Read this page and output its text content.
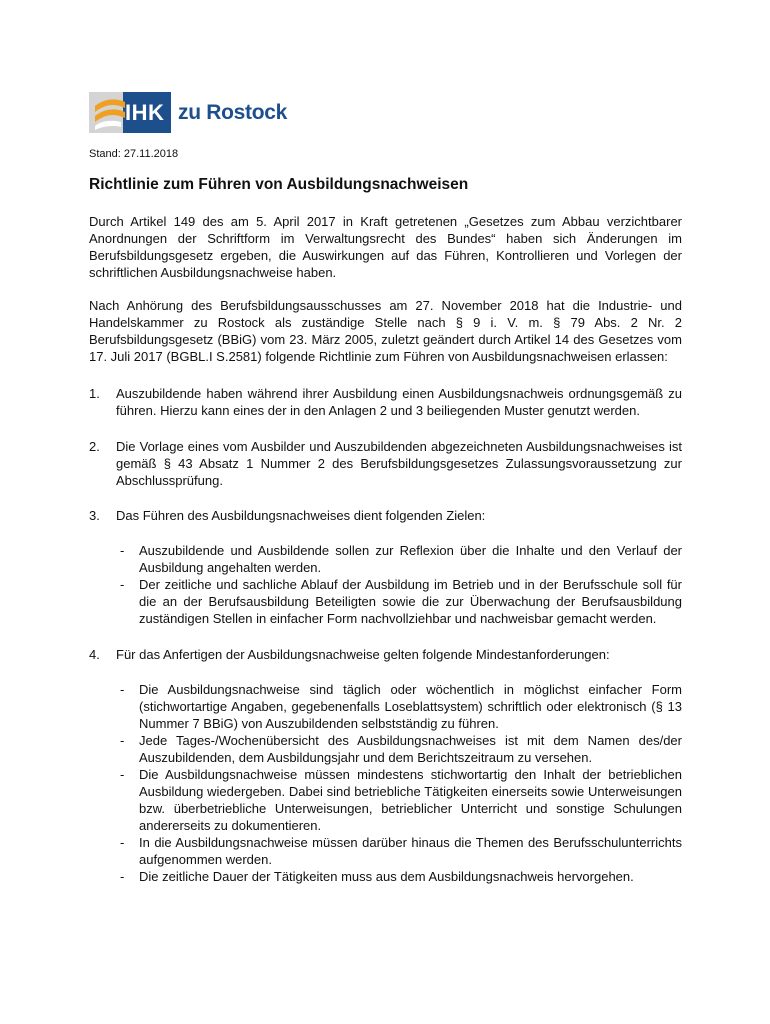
IHK zu Rostock
Stand: 27.11.2018
Richtlinie zum Führen von Ausbildungsnachweisen

Durch Artikel 149 des am 5. April 2017 in Kraft getretenen „Gesetzes zum Abbau verzichtbarer Anordnungen der Schriftform im Verwaltungsrecht des Bundes“ haben sich Änderungen im Berufsbildungsgesetz ergeben, die Auswirkungen auf das Führen, Kontrollieren und Vorlegen der schriftlichen Ausbildungsnachweise haben.

Nach Anhörung des Berufsbildungsausschusses am 27. November 2018 hat die Industrie- und Handelskammer zu Rostock als zuständige Stelle nach § 9 i. V. m. § 79 Abs. 2 Nr. 2 Berufsbildungsgesetz (BBiG) vom 23. März 2005, zuletzt geändert durch Artikel 14 des Gesetzes vom 17. Juli 2017 (BGBL.I S.2581) folgende Richtlinie zum Führen von Ausbildungsnachweisen erlassen:

1.	Auszubildende haben während ihrer Ausbildung einen Ausbildungsnachweis ordnungsgemäß zu führen. Hierzu kann eines der in den Anlagen 2 und 3 beiliegenden Muster genutzt werden.
2.	Die Vorlage eines vom Ausbilder und Auszubildenden abgezeichneten Ausbildungsnachweises ist gemäß § 43 Absatz 1 Nummer 2 des Berufsbildungsgesetzes Zulassungsvoraussetzung zur Abschlussprüfung.
3.	Das Führen des Ausbildungsnachweises dient folgenden Zielen:
-	Auszubildende und Ausbildende sollen zur Reflexion über die Inhalte und den Verlauf der Ausbildung angehalten werden.
-	Der zeitliche und sachliche Ablauf der Ausbildung im Betrieb und in der Berufsschule soll für die an der Berufsausbildung Beteiligten sowie die zur Überwachung der Berufsausbildung zuständigen Stellen in einfacher Form nachvollziehbar und nachweisbar gemacht werden.
4.	Für das Anfertigen der Ausbildungsnachweise gelten folgende Mindestanforderungen:
-	Die Ausbildungsnachweise sind täglich oder wöchentlich in möglichst einfacher Form (stichwortartige Angaben, gegebenenfalls Loseblattsystem) schriftlich oder elektronisch (§ 13 Nummer 7 BBiG) von Auszubildenden selbstständig zu führen.
-	Jede Tages-/Wochenübersicht des Ausbildungsnachweises ist mit dem Namen des/der Auszubildenden, dem Ausbildungsjahr und dem Berichtszeitraum zu versehen.
-	Die Ausbildungsnachweise müssen mindestens stichwortartig den Inhalt der betrieblichen Ausbildung wiedergeben. Dabei sind betriebliche Tätigkeiten einerseits sowie Unterweisungen bzw. überbetriebliche Unterweisungen, betrieblicher Unterricht und sonstige Schulungen andererseits zu dokumentieren.
-	In die Ausbildungsnachweise müssen darüber hinaus die Themen des Berufsschulunterrichts aufgenommen werden.
-	Die zeitliche Dauer der Tätigkeiten muss aus dem Ausbildungsnachweis hervorgehen.
